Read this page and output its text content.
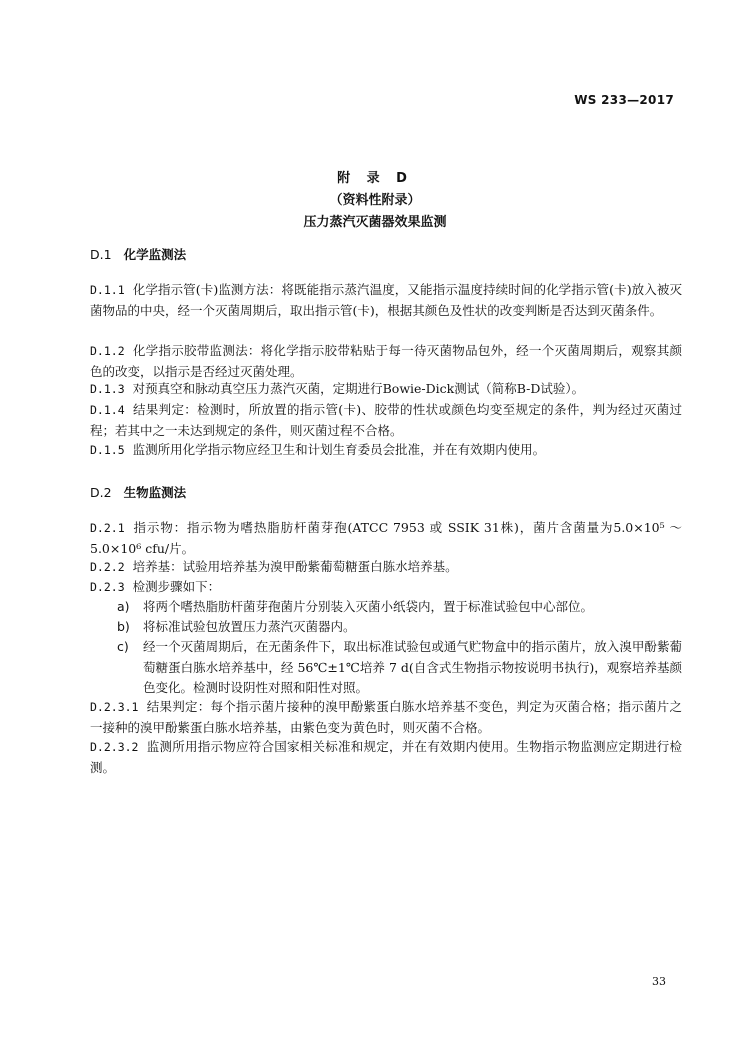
WS 233—2017
附 录 D
（资料性附录）
压力蒸汽灭菌器效果监测
D.1 化学监测法
D.1.1 化学指示管(卡)监测方法：将既能指示蒸汽温度，又能指示温度持续时间的化学指示管(卡)放入被灭菌物品的中央，经一个灭菌周期后，取出指示管(卡)，根据其颜色及性状的改变判断是否达到灭菌条件。
D.1.2 化学指示胶带监测法：将化学指示胶带粘贴于每一待灭菌物品包外，经一个灭菌周期后，观察其颜色的改变，以指示是否经过灭菌处理。
D.1.3 对预真空和脉动真空压力蒸汽灭菌，定期进行Bowie-Dick测试（简称B-D试验）。
D.1.4 结果判定：检测时，所放置的指示管(卡)、胶带的性状或颜色均变至规定的条件，判为经过灭菌过程；若其中之一未达到规定的条件，则灭菌过程不合格。
D.1.5 监测所用化学指示物应经卫生和计划生育委员会批准，并在有效期内使用。
D.2 生物监测法
D.2.1 指示物：指示物为嗜热脂肪杆菌芽孢(ATCC 7953 或 SSIK 31株)，菌片含菌量为5.0×10⁵ ～ 5.0×10⁶ cfu/片。
D.2.2 培养基：试验用培养基为溴甲酚紫葡萄糖蛋白胨水培养基。
D.2.3 检测步骤如下：
a) 将两个嗜热脂肪杆菌芽孢菌片分别装入灭菌小纸袋内，置于标准试验包中心部位。
b) 将标准试验包放置压力蒸汽灭菌器内。
c) 经一个灭菌周期后，在无菌条件下，取出标准试验包或通气贮物盒中的指示菌片，放入溴甲酚紫葡萄糖蛋白胨水培养基中，经 56℃±1℃培养 7 d(自含式生物指示物按说明书执行)，观察培养基颜色变化。检测时设阴性对照和阳性对照。
D.2.3.1 结果判定：每个指示菌片接种的溴甲酚紫蛋白胨水培养基不变色，判定为灭菌合格；指示菌片之一接种的溴甲酚紫蛋白胨水培养基，由紫色变为黄色时，则灭菌不合格。
D.2.3.2 监测所用指示物应符合国家相关标准和规定，并在有效期内使用。生物指示物监测应定期进行检测。
33
